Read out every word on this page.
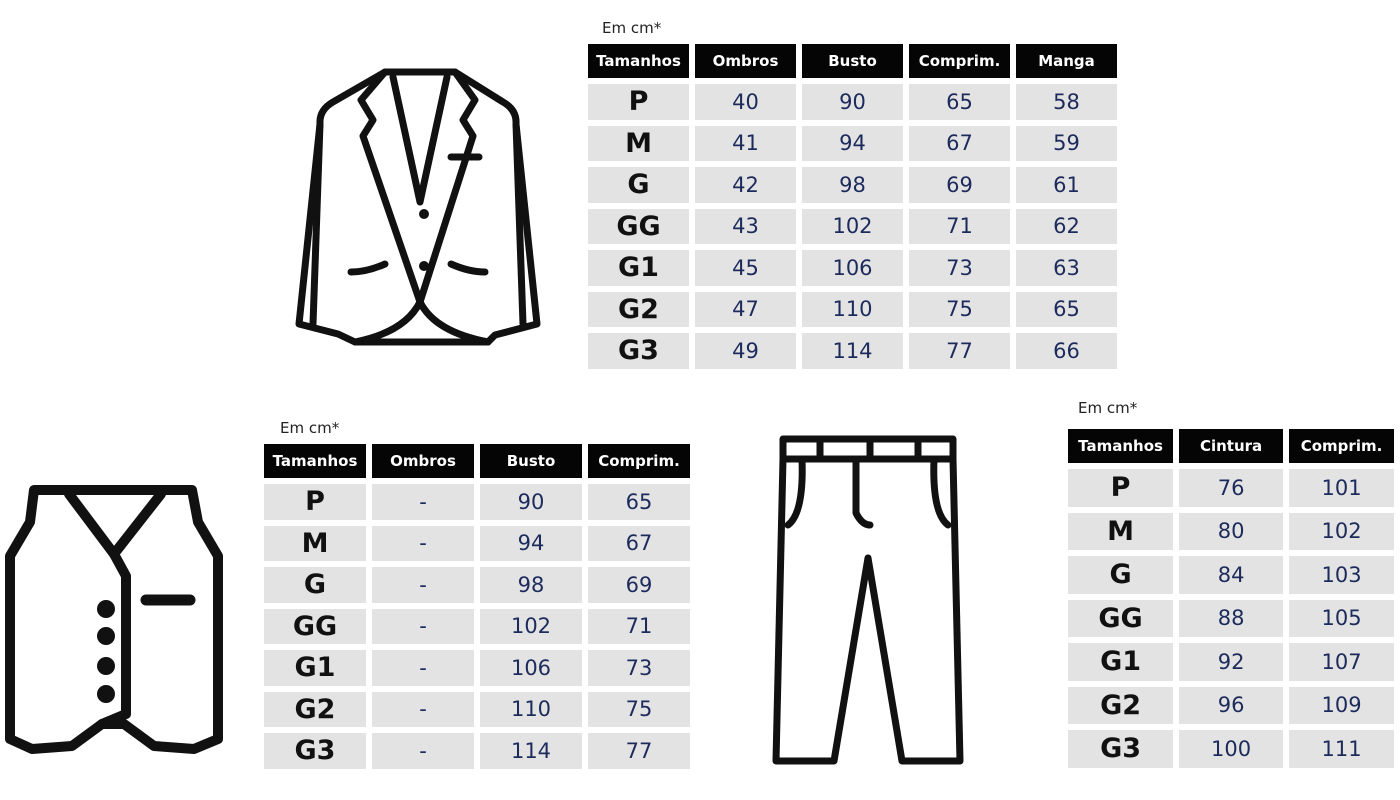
Em cm*
Em cm*
Em cm*
Tamanhos	Ombros	Busto	Comprim.	Manga
P	40	90	65	58
M	41	94	67	59
G	42	98	69	61
GG	43	102	71	62
G1	45	106	73	63
G2	47	110	75	65
G3	49	114	77	66
Tamanhos	Ombros	Busto	Comprim.
P	-	90	65
M	-	94	67
G	-	98	69
GG	-	102	71
G1	-	106	73
G2	-	110	75
G3	-	114	77
Tamanhos	Cintura	Comprim.
P	76	101
M	80	102
G	84	103
GG	88	105
G1	92	107
G2	96	109
G3	100	111
